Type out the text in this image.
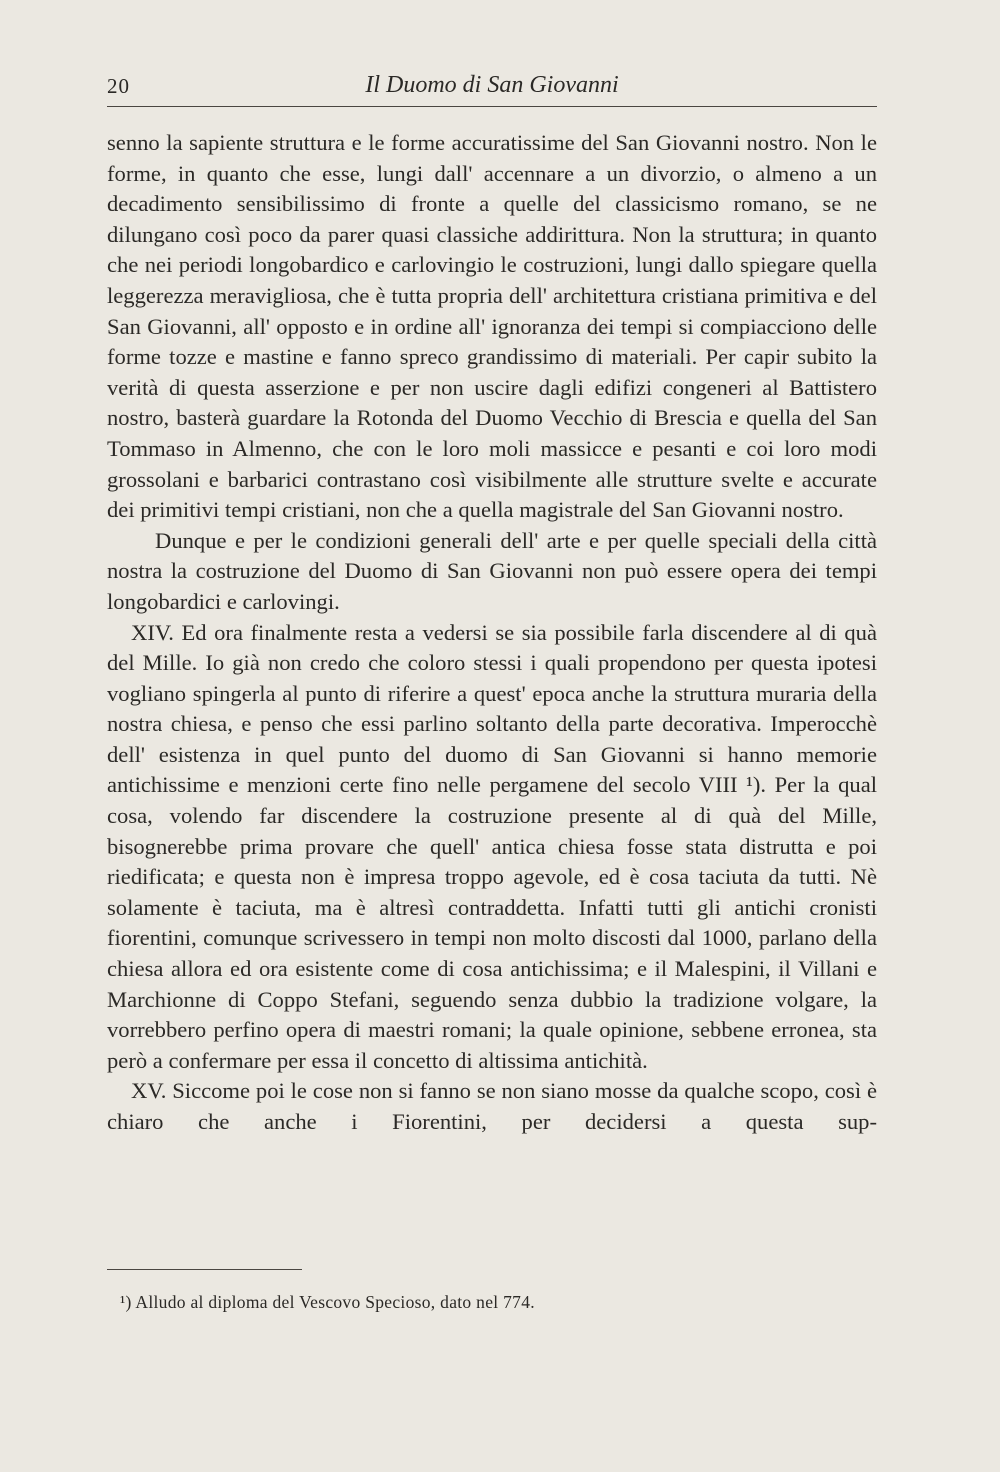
20	Il Duomo di San Giovanni

senno la sapiente struttura e le forme accuratissime del San Giovanni nostro. Non le forme, in quanto che esse, lungi dall' accennare a un divorzio, o almeno a un decadimento sensibilissimo di fronte a quelle del classicismo romano, se ne dilungano così poco da parer quasi classiche addirittura. Non la struttura; in quanto che nei periodi longobardico e carlovingio le costruzioni, lungi dallo spiegare quella leggerezza meravigliosa, che è tutta propria dell' architettura cristiana primitiva e del San Giovanni, all' opposto e in ordine all' ignoranza dei tempi si compiacciono delle forme tozze e mastine e fanno spreco grandissimo di materiali. Per capir subito la verità di questa asserzione e per non uscire dagli edifizi congeneri al Battistero nostro, basterà guardare la Rotonda del Duomo Vecchio di Brescia e quella del San Tommaso in Almenno, che con le loro moli massicce e pesanti e coi loro modi grossolani e barbarici contrastano così visibilmente alle strutture svelte e accurate dei primitivi tempi cristiani, non che a quella magistrale del San Giovanni nostro.

Dunque e per le condizioni generali dell' arte e per quelle speciali della città nostra la costruzione del Duomo di San Giovanni non può essere opera dei tempi longobardici e carlovingi.

XIV. Ed ora finalmente resta a vedersi se sia possibile farla discendere al di quà del Mille. Io già non credo che coloro stessi i quali propendono per questa ipotesi vogliano spingerla al punto di riferire a quest' epoca anche la struttura muraria della nostra chiesa, e penso che essi parlino soltanto della parte decorativa. Imperocchè dell' esistenza in quel punto del duomo di San Giovanni si hanno memorie antichissime e menzioni certe fino nelle pergamene del secolo VIII ¹). Per la qual cosa, volendo far discendere la costruzione presente al di quà del Mille, bisognerebbe prima provare che quell' antica chiesa fosse stata distrutta e poi riedificata; e questa non è impresa troppo agevole, ed è cosa taciuta da tutti. Nè solamente è taciuta, ma è altresì contraddetta. Infatti tutti gli antichi cronisti fiorentini, comunque scrivessero in tempi non molto discosti dal 1000, parlano della chiesa allora ed ora esistente come di cosa antichissima; e il Malespini, il Villani e Marchionne di Coppo Stefani, seguendo senza dubbio la tradizione volgare, la vorrebbero perfino opera di maestri romani; la quale opinione, sebbene erronea, sta però a confermare per essa il concetto di altissima antichità.

XV. Siccome poi le cose non si fanno se non siano mosse da qualche scopo, così è chiaro che anche i Fiorentini, per decidersi a questa sup-

¹) Alludo al diploma del Vescovo Specioso, dato nel 774.
